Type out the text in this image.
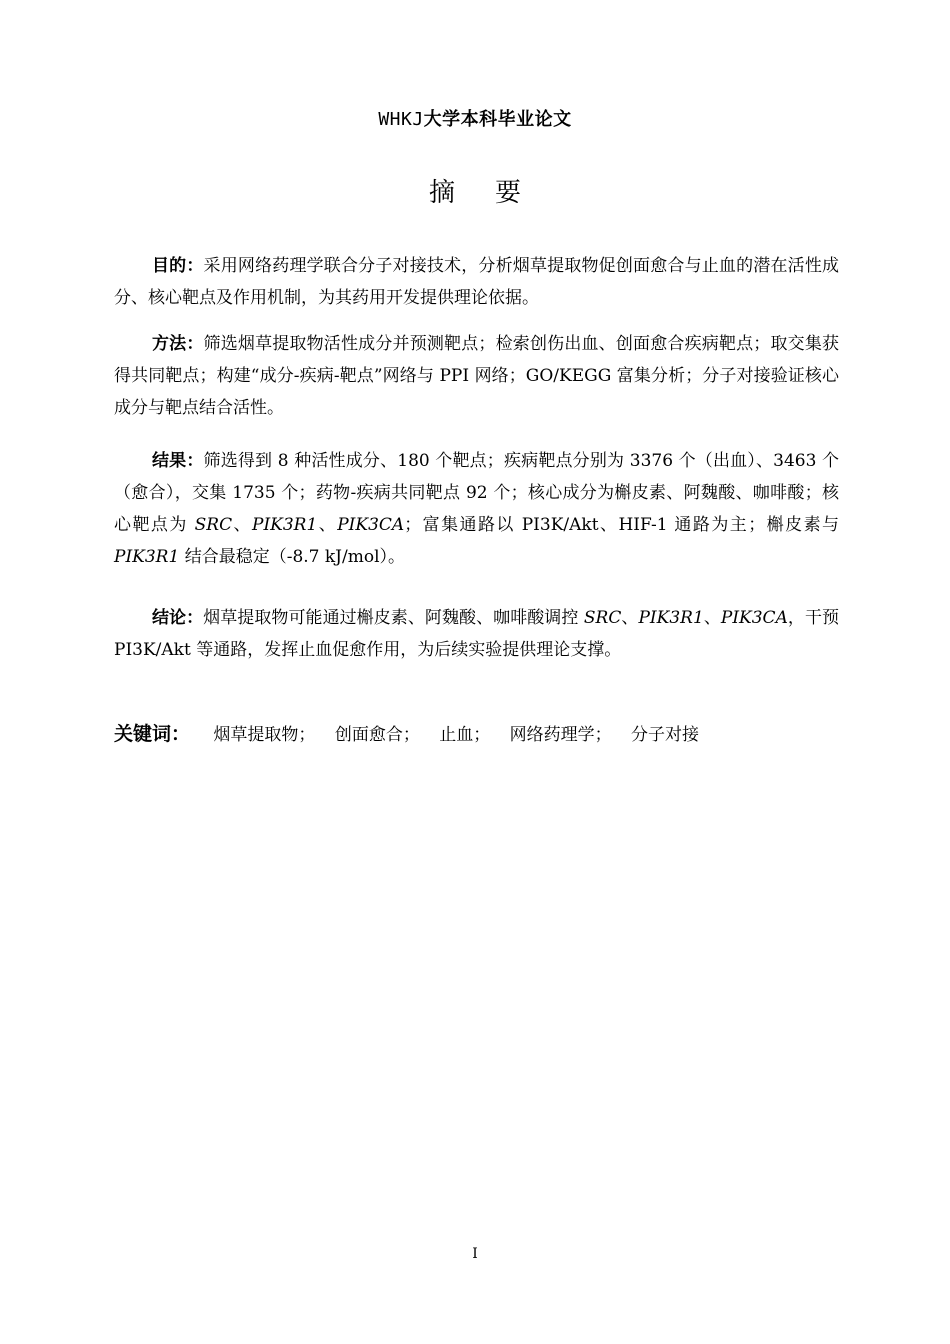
WHKJ大学本科毕业论文
摘要

目的：采用网络药理学联合分子对接技术，分析烟草提取物促创面愈合与止血的潜在活性成分、核心靶点及作用机制，为其药用开发提供理论依据。

方法：筛选烟草提取物活性成分并预测靶点；检索创伤出血、创面愈合疾病靶点；取交集获得共同靶点；构建“成分-疾病-靶点”网络与 PPI 网络；GO/KEGG 富集分析；分子对接验证核心成分与靶点结合活性。

结果：筛选得到 8 种活性成分、180 个靶点；疾病靶点分别为 3376 个（出血）、3463 个（愈合），交集 1735 个；药物-疾病共同靶点 92 个；核心成分为槲皮素、阿魏酸、咖啡酸；核心靶点为 SRC、PIK3R1、PIK3CA；富集通路以 PI3K/Akt、HIF-1 通路为主；槲皮素与 PIK3R1 结合最稳定（-8.7 kJ/mol）。

结论：烟草提取物可能通过槲皮素、阿魏酸、咖啡酸调控 SRC、PIK3R1、PIK3CA，干预 PI3K/Akt 等通路，发挥止血促愈作用，为后续实验提供理论支撑。

关键词： 烟草提取物； 创面愈合； 止血； 网络药理学； 分子对接
I
